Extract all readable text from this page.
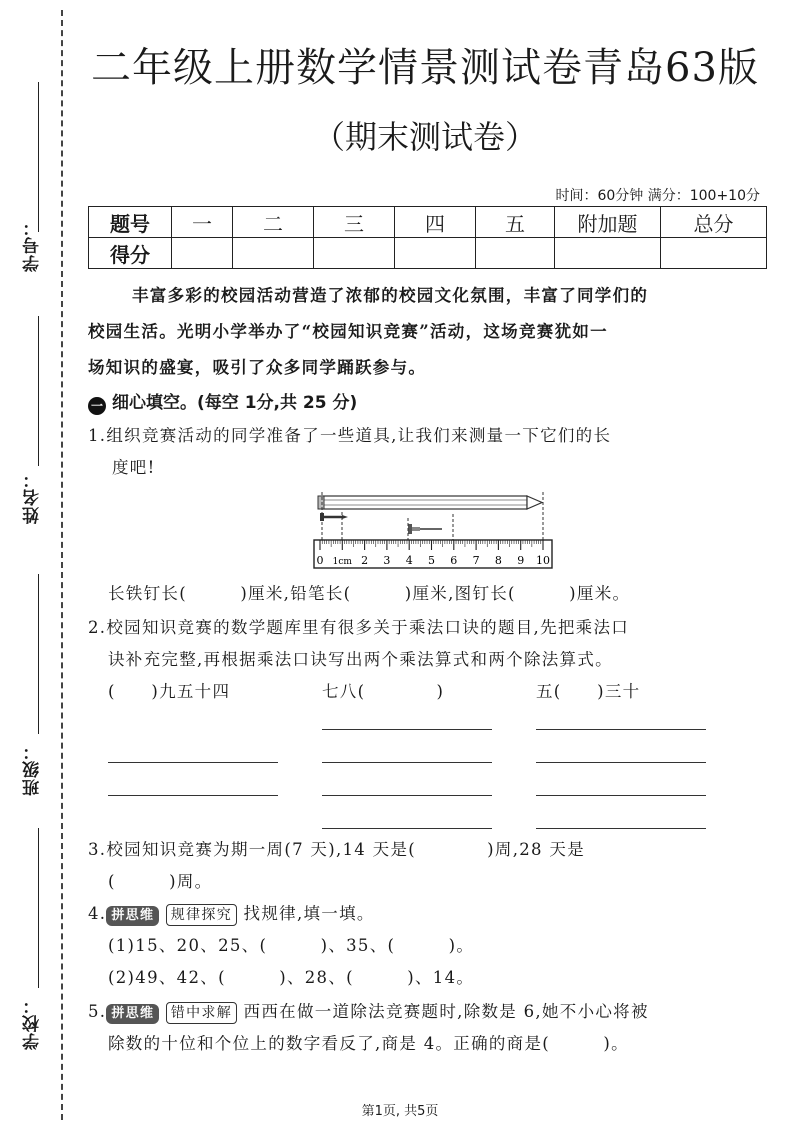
学号：
姓名：
班级：
学校：
二年级上册数学情景测试卷青岛63版
（期末测试卷）
时间：60分钟 满分：100+10分
题号	一	二	三	四	五	附加题	总分
得分							
丰富多彩的校园活动营造了浓郁的校园文化氛围，丰富了同学们的
校园生活。光明小学举办了“校园知识竞赛”活动，这场竞赛犹如一
场知识的盛宴，吸引了众多同学踊跃参与。
一 细心填空。(每空 1分,共 25 分)
1.组织竞赛活动的同学准备了一些道具,让我们来测量一下它们的长
度吧!
0 1cm 2 3 4 5 6 7 8 9 10
长铁钉长(　　　)厘米,铅笔长(　　　)厘米,图钉长(　　　)厘米。
2.校园知识竞赛的数学题库里有很多关于乘法口诀的题目,先把乘法口
诀补充完整,再根据乘法口诀写出两个乘法算式和两个除法算式。
(　　)九五十四	七八(　　　　)	五(　　)三十
3.校园知识竞赛为期一周(7 天),14 天是(　　　　)周,28 天是
(　　　)周。
4. 拼思维 规律探究 找规律,填一填。
(1)15、20、25、(　　　)、35、(　　　)。
(2)49、42、(　　　)、28、(　　　)、14。
5. 拼思维 错中求解 西西在做一道除法竞赛题时,除数是 6,她不小心将被
除数的十位和个位上的数字看反了,商是 4。正确的商是(　　　)。
第1页, 共5页
